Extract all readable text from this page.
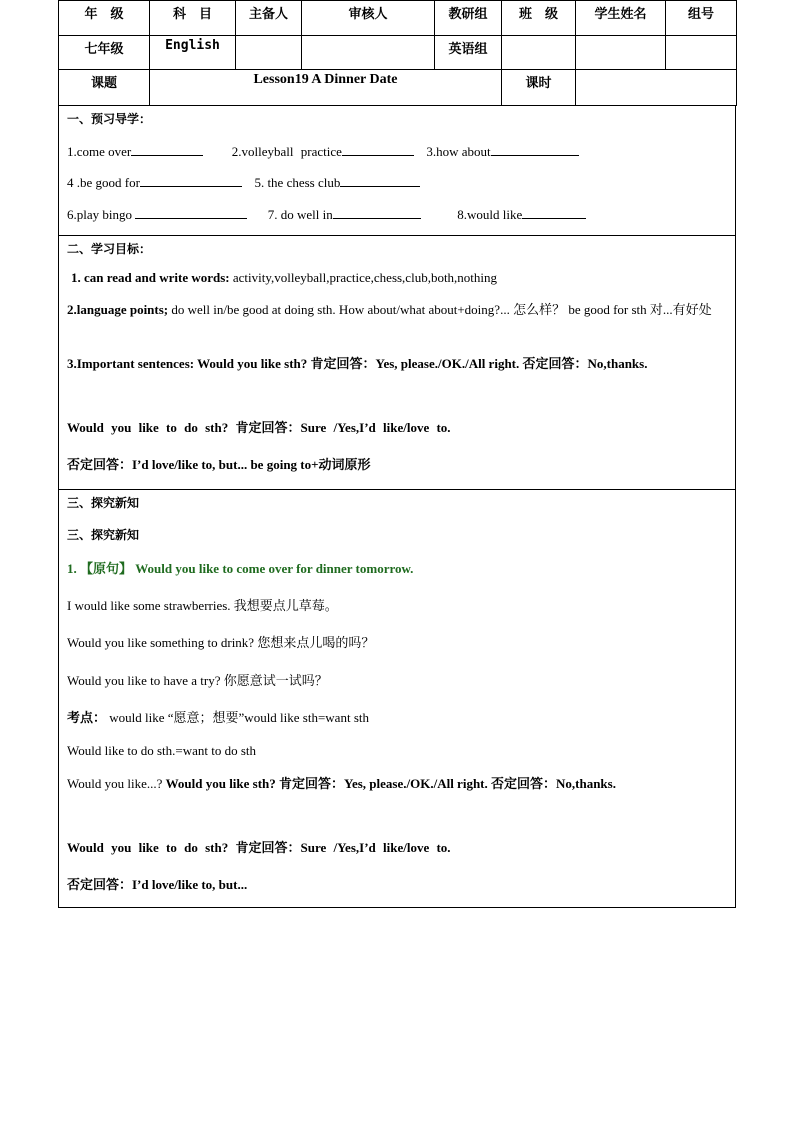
年　级	科　目	主备人	审核人	教研组	班　级	学生姓名	组号
七年级	English			英语组			
课题	Lesson19 A Dinner Date				课时		
一、预习导学：
1.come over	2.volleyball practice	3.how about
4 .be good for	5. the chess club
6.play bingo	7. do well in	8.would like
二、学习目标：
1. can read and write words: activity,volleyball,practice,chess,club,both,nothing
2.language points; do well in/be good at doing sth. How about/what about+doing?... 怎么样？ be good for sth 对...有好处
3.Important sentences: Would you like sth? 肯定回答：Yes, please./OK./All right. 否定回答：No,thanks.
Would you like to do sth? 肯定回答：Sure /Yes,I’d like/love to.
否定回答：I’d love/like to, but... be going to+动词原形
三、探究新知
三、探究新知
1. 【原句】 Would you like to come over for dinner tomorrow.
I would like some strawberries. 我想要点儿草莓。
Would you like something to drink? 您想来点儿喝的吗？
Would you like to have a try? 你愿意试一试吗？
考点： would like “愿意；想要”would like sth=want sth
Would like to do sth.=want to do sth
Would you like...? Would you like sth? 肯定回答：Yes, please./OK./All right. 否定回答：No,thanks.
Would you like to do sth? 肯定回答：Sure /Yes,I’d like/love to.
否定回答：I’d love/like to, but...
